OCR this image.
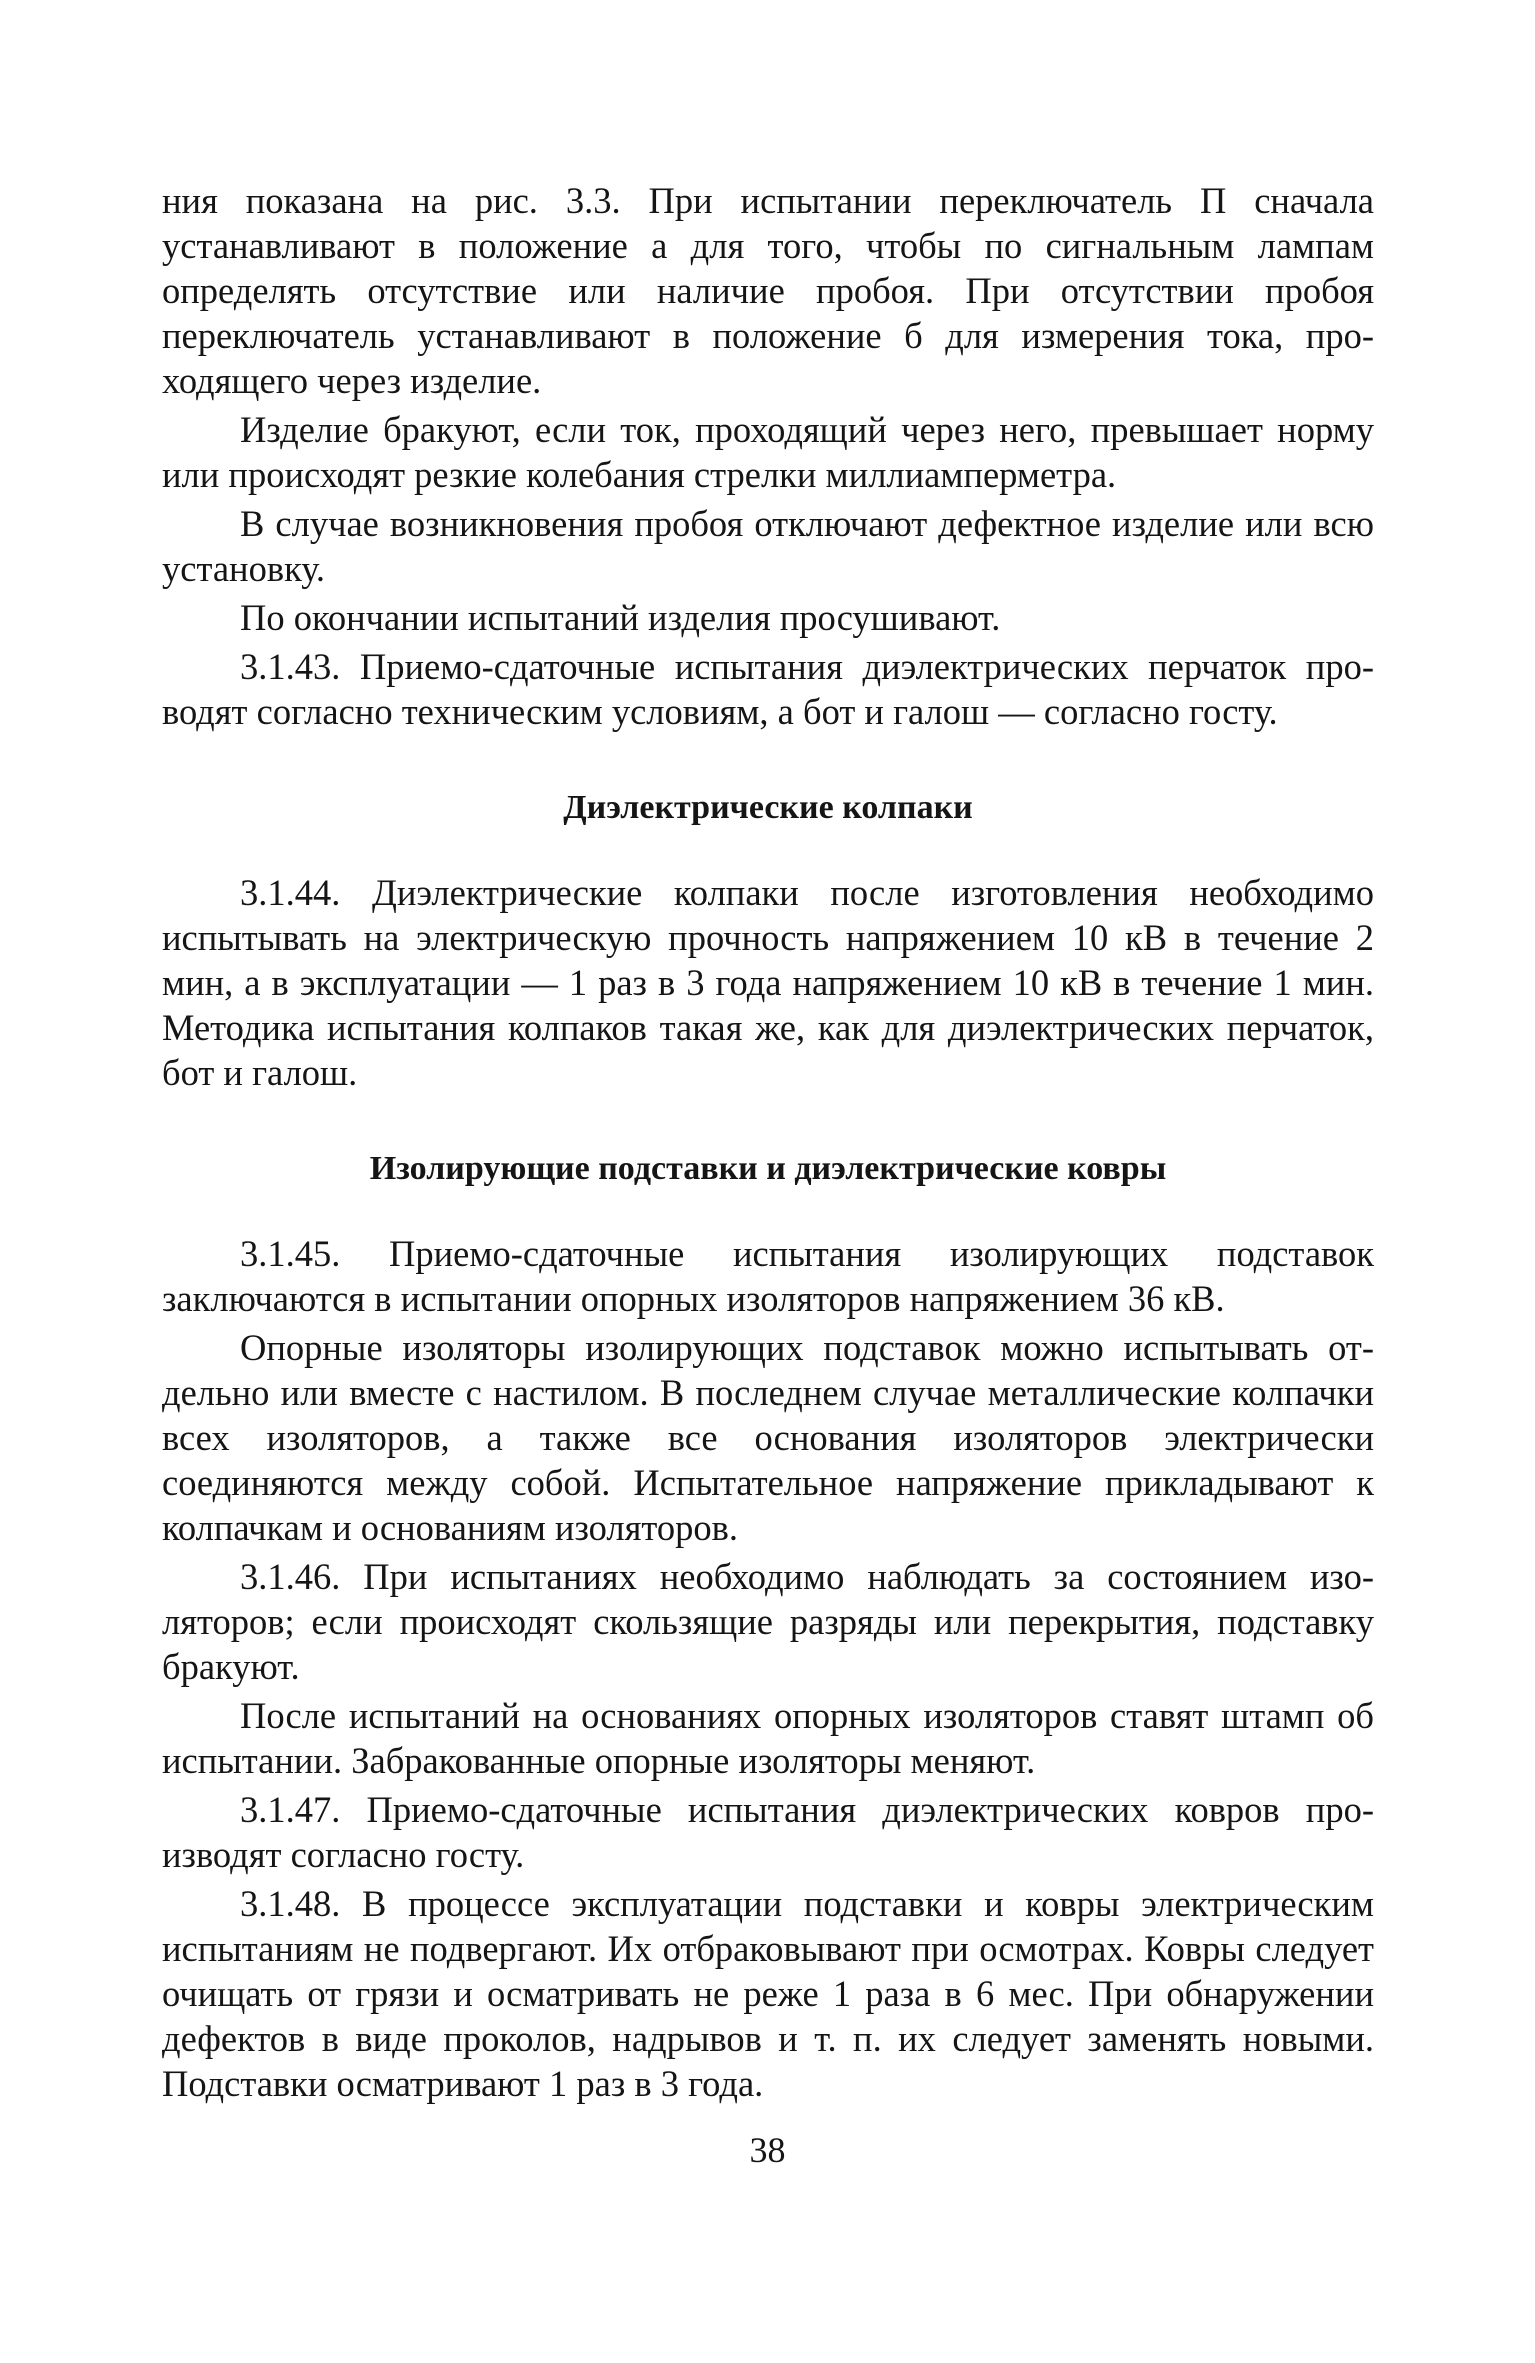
ния показана на рис. 3.3. При испытании переключатель П сначала устанавливают в положение а для того, чтобы по сигнальным лампам определять отсутствие или наличие пробоя. При отсутствии пробоя переключатель устанавливают в положение б для измерения тока, проходящего через изделие.

Изделие бракуют, если ток, проходящий через него, превышает норму или происходят резкие колебания стрелки миллиамперметра.

В случае возникновения пробоя отключают дефектное изделие или всю установку.

По окончании испытаний изделия просушивают.

3.1.43. Приемо-сдаточные испытания диэлектрических перчаток проводят согласно техническим условиям, а бот и галош — согласно госту.

Диэлектрические колпаки

3.1.44. Диэлектрические колпаки после изготовления необходимо испытывать на электрическую прочность напряжением 10 кВ в течение 2 мин, а в эксплуатации — 1 раз в 3 года напряжением 10 кВ в течение 1 мин. Методика испытания колпаков такая же, как для диэлектрических перчаток, бот и галош.

Изолирующие подставки и диэлектрические ковры

3.1.45. Приемо-сдаточные испытания изолирующих подставок заключаются в испытании опорных изоляторов напряжением 36 кВ.

Опорные изоляторы изолирующих подставок можно испытывать отдельно или вместе с настилом. В последнем случае металлические колпачки всех изоляторов, а также все основания изоляторов электрически соединяются между собой. Испытательное напряжение прикладывают к колпачкам и основаниям изоляторов.

3.1.46. При испытаниях необходимо наблюдать за состоянием изоляторов; если происходят скользящие разряды или перекрытия, подставку бракуют.

После испытаний на основаниях опорных изоляторов ставят штамп об испытании. Забракованные опорные изоляторы меняют.

3.1.47. Приемо-сдаточные испытания диэлектрических ковров производят согласно госту.

3.1.48. В процессе эксплуатации подставки и ковры электрическим испытаниям не подвергают. Их отбраковывают при осмотрах. Ковры следует очищать от грязи и осматривать не реже 1 раза в 6 мес. При обнаружении дефектов в виде проколов, надрывов и т. п. их следует заменять новыми. Подставки осматривают 1 раз в 3 года.

38
